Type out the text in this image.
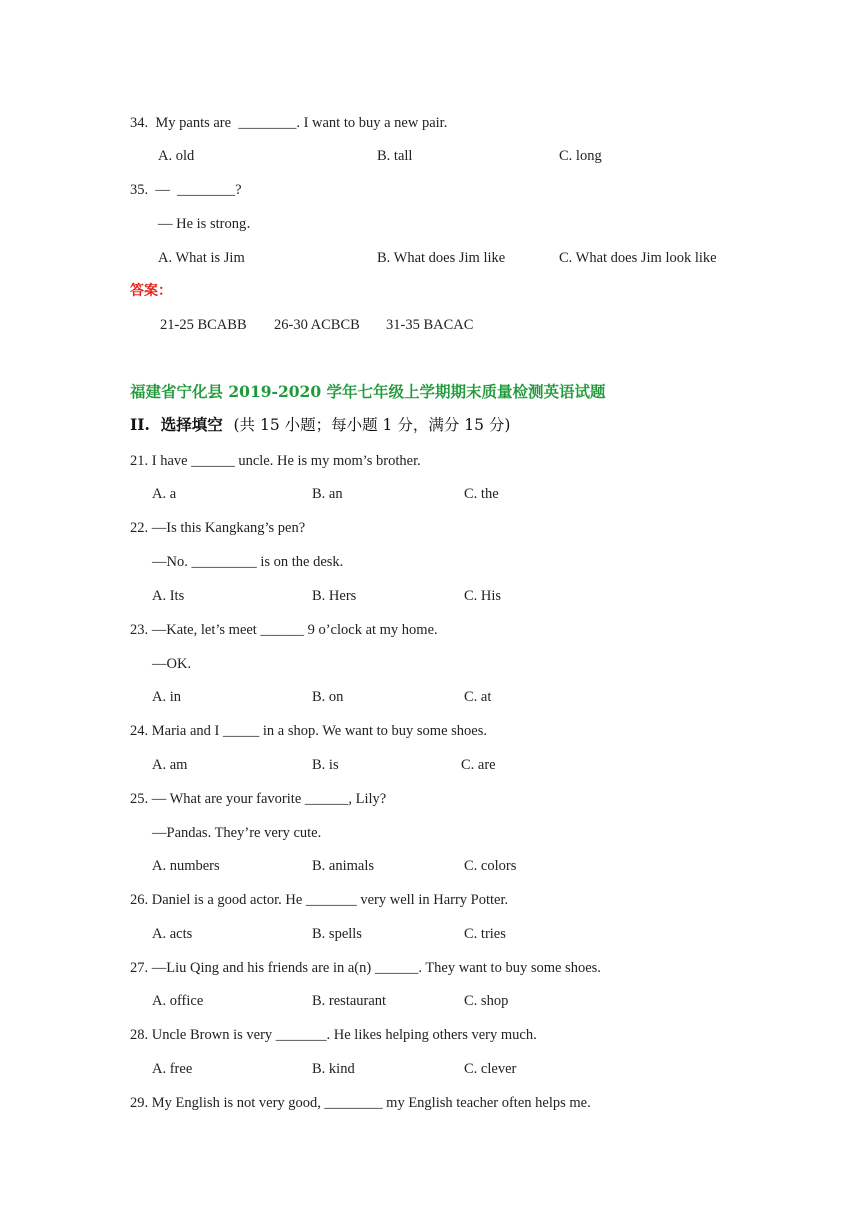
34.  My pants are  ________. I want to buy a new pair.
A. old	B. tall	C. long
35.  —  ________?
— He is strong．
A. What is Jim	B. What does Jim like	C. What does Jim look like
答案：
21-25 BCABB 26-30 ACBCB 31-35 BACAC
福建省宁化县 2019-2020 学年七年级上学期期末质量检测英语试题
II.  选择填空 (共 15 小题；每小题 1 分，满分 15 分)
21. I have ______ uncle. He is my mom’s brother.
A. a	B. an	C. the
22. —Is this Kangkang’s pen?
—No. _________ is on the desk.
A. Its	B. Hers	C. His
23. —Kate, let’s meet ______ 9 o’clock at my home.
—OK.
A. in	B. on	C. at
24. Maria and I _____ in a shop. We want to buy some shoes.
A. am	B. is	C. are
25. — What are your favorite ______, Lily?
—Pandas. They’re very cute.
A. numbers	B. animals	C. colors
26. Daniel is a good actor. He _______ very well in Harry Potter.
A. acts	B. spells	C. tries
27. —Liu Qing and his friends are in a(n) ______. They want to buy some shoes.
A. office	B. restaurant	C. shop
28. Uncle Brown is very _______. He likes helping others very much.
A. free	B. kind	C. clever
29. My English is not very good, ________ my English teacher often helps me.
